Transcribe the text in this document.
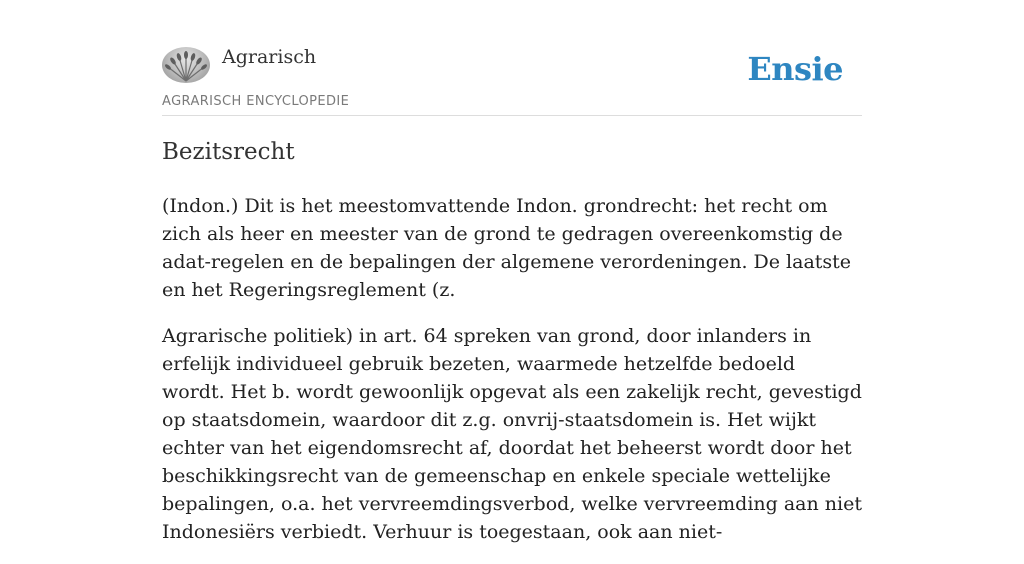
Agrarisch	Ensie
AGRARISCH ENCYCLOPEDIE
Bezitsrecht

(Indon.) Dit is het meestomvattende Indon. grondrecht: het recht om zich als heer en meester van de grond te gedragen overeenkomstig de adat-regelen en de bepalingen der algemene verordeningen. De laatste en het Regeringsreglement (z.

Agrarische politiek) in art. 64 spreken van grond, door inlanders in erfelijk individueel gebruik bezeten, waarmede hetzelfde bedoeld wordt. Het b. wordt gewoonlijk opgevat als een zakelijk recht, gevestigd op staatsdomein, waardoor dit z.g. onvrij-staatsdomein is. Het wijkt echter van het eigendomsrecht af, doordat het beheerst wordt door het beschikkingsrecht van de gemeenschap en enkele speciale wettelijke bepalingen, o.a. het vervreemdingsverbod, welke vervreemding aan niet Indonesiërs verbiedt. Verhuur is toegestaan, ook aan niet-
